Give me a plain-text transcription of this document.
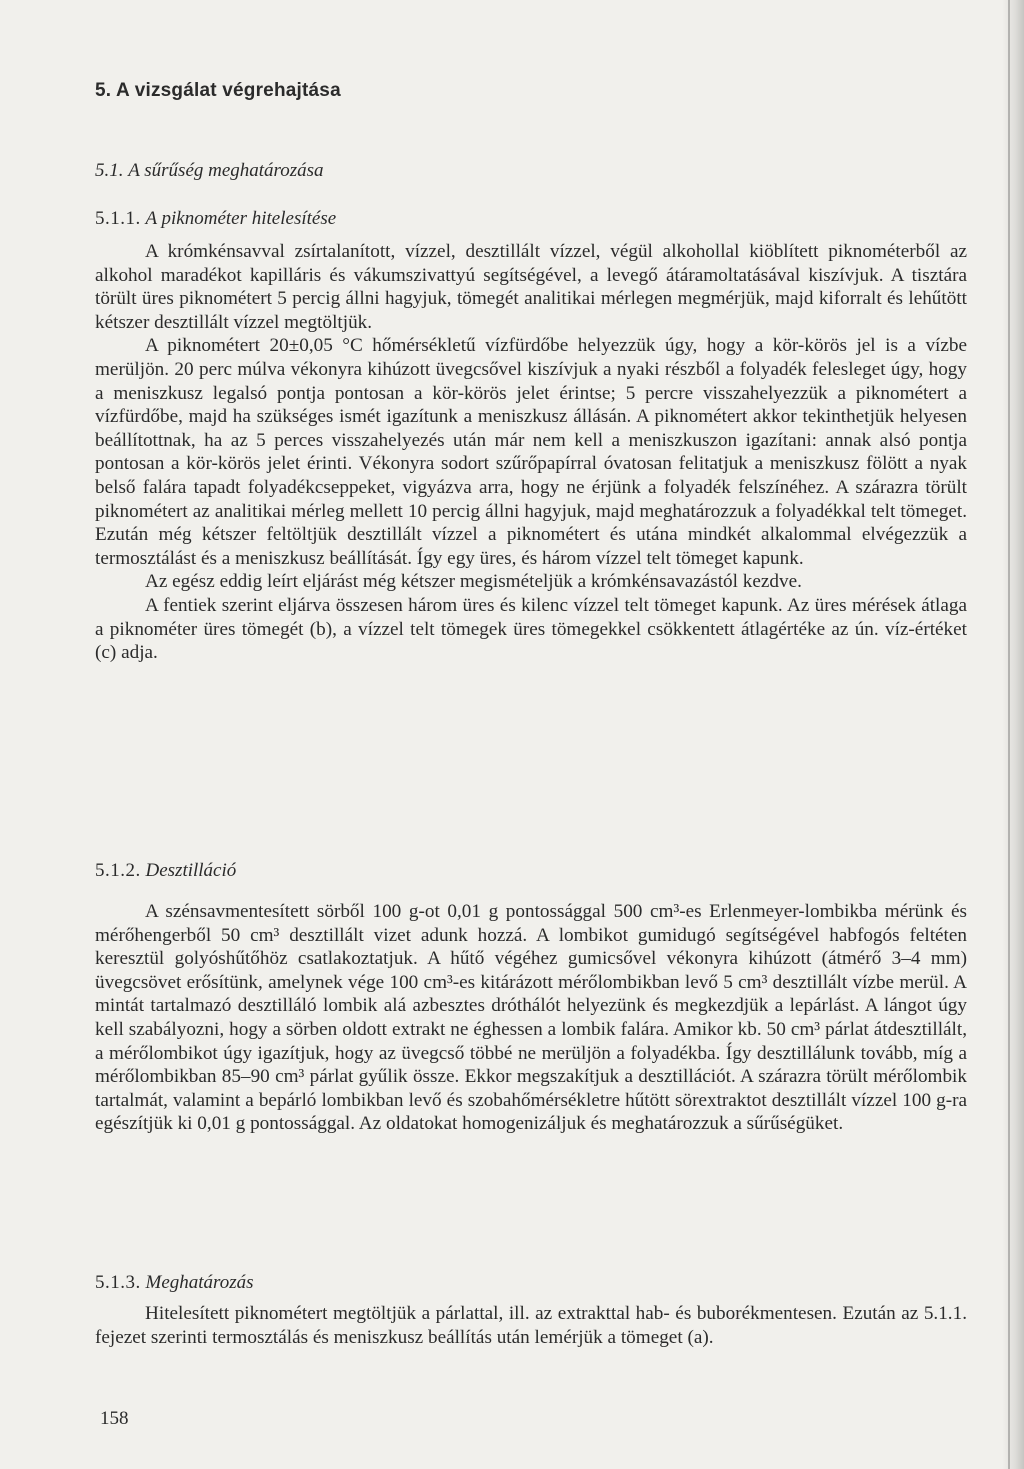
5. A vizsgálat végrehajtása
5.1. A sűrűség meghatározása
5.1.1. A piknométer hitelesítése

A krómkénsavval zsírtalanított, vízzel, desztillált vízzel, végül alkohollal kiöblített piknométerből az alkohol maradékot kapilláris és vákumszivattyú segítségével, a levegő átáramoltatásával kiszívjuk. A tisztára törült üres piknométert 5 percig állni hagyjuk, tömegét analitikai mérlegen megmérjük, majd kiforralt és lehűtött kétszer desztillált vízzel megtöltjük.

A piknométert 20±0,05 °C hőmérsékletű vízfürdőbe helyezzük úgy, hogy a kör-körös jel is a vízbe merüljön. 20 perc múlva vékonyra kihúzott üvegcsővel kiszívjuk a nyaki részből a folyadék felesleget úgy, hogy a meniszkusz legalsó pontja pontosan a kör-körös jelet érintse; 5 percre visszahelyezzük a piknométert a vízfürdőbe, majd ha szükséges ismét igazítunk a meniszkusz állásán. A piknométert akkor tekinthetjük helyesen beállítottnak, ha az 5 perces visszahelyezés után már nem kell a meniszkuszon igazítani: annak alsó pontja pontosan a kör-körös jelet érinti. Vékonyra sodort szűrőpapírral óvatosan felitatjuk a meniszkusz fölött a nyak belső falára tapadt folyadékcseppeket, vigyázva arra, hogy ne érjünk a folyadék felszínéhez. A szárazra törült piknométert az analitikai mérleg mellett 10 percig állni hagyjuk, majd meghatározzuk a folyadékkal telt tömeget. Ezután még kétszer feltöltjük desztillált vízzel a piknométert és utána mindkét alkalommal elvégezzük a termosztálást és a meniszkusz beállítását. Így egy üres, és három vízzel telt tömeget kapunk.

Az egész eddig leírt eljárást még kétszer megismételjük a krómkénsavazástól kezdve.

A fentiek szerint eljárva összesen három üres és kilenc vízzel telt tömeget kapunk. Az üres mérések átlaga a piknométer üres tömegét (b), a vízzel telt tömegek üres tömegekkel csökkentett átlagértéke az ún. víz-értéket (c) adja.

5.1.2. Desztilláció

A szénsavmentesített sörből 100 g-ot 0,01 g pontossággal 500 cm³-es Erlenmeyer-lombikba mérünk és mérőhengerből 50 cm³ desztillált vizet adunk hozzá. A lombikot gumidugó segítségével habfogós feltéten keresztül golyóshűtőhöz csatlakoztatjuk. A hűtő végéhez gumicsővel vékonyra kihúzott (átmérő 3–4 mm) üvegcsövet erősítünk, amelynek vége 100 cm³-es kitárázott mérőlombikban levő 5 cm³ desztillált vízbe merül. A mintát tartalmazó desztilláló lombik alá azbesztes dróthálót helyezünk és megkezdjük a lepárlást. A lángot úgy kell szabályozni, hogy a sörben oldott extrakt ne éghessen a lombik falára. Amikor kb. 50 cm³ párlat átdesztillált, a mérőlombikot úgy igazítjuk, hogy az üvegcső többé ne merüljön a folyadékba. Így desztillálunk tovább, míg a mérőlombikban 85–90 cm³ párlat gyűlik össze. Ekkor megszakítjuk a desztillációt. A szárazra törült mérőlombik tartalmát, valamint a bepárló lombikban levő és szobahőmérsékletre hűtött sörextraktot desztillált vízzel 100 g-ra egészítjük ki 0,01 g pontossággal. Az oldatokat homogenizáljuk és meghatározzuk a sűrűségüket.

5.1.3. Meghatározás

Hitelesített piknométert megtöltjük a párlattal, ill. az extrakttal hab- és buborékmentesen. Ezután az 5.1.1. fejezet szerinti termosztálás és meniszkusz beállítás után lemérjük a tömeget (a).

158
